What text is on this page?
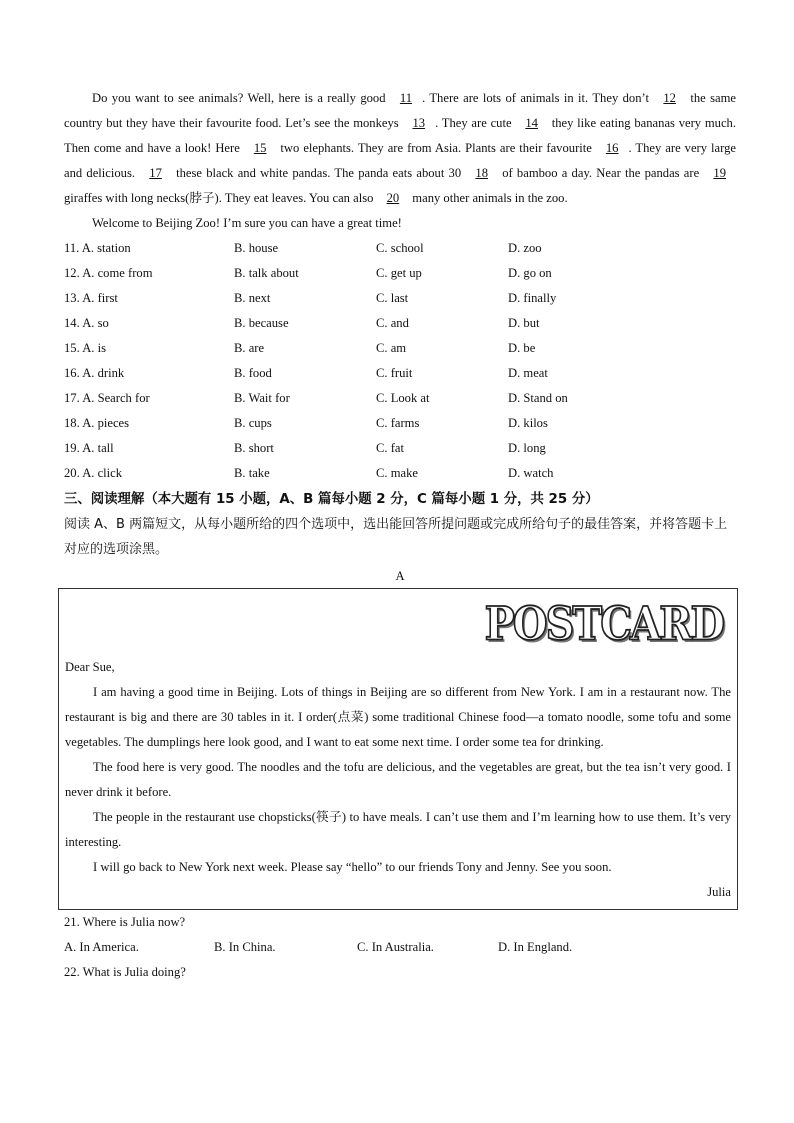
Do you want to see animals? Well, here is a really good 11 . There are lots of animals in it. They don’t 12 the same country but they have their favourite food. Let’s see the monkeys 13 . They are cute 14 they like eating bananas very much. Then come and have a look! Here 15 two elephants. They are from Asia. Plants are their favourite 16 . They are very large and delicious. 17 these black and white pandas. The panda eats about 30 18 of bamboo a day. Near the pandas are 19 giraffes with long necks(脖子). They eat leaves. You can also 20 many other animals in the zoo.

Welcome to Beijing Zoo! I’m sure you can have a great time!

11. A. station	B. house	C. school	D. zoo
12. A. come from	B. talk about	C. get up	D. go on
13. A. first	B. next	C. last	D. finally
14. A. so	B. because	C. and	D. but
15. A. is	B. are	C. am	D. be
16. A. drink	B. food	C. fruit	D. meat
17. A. Search for	B. Wait for	C. Look at	D. Stand on
18. A. pieces	B. cups	C. farms	D. kilos
19. A. tall	B. short	C. fat	D. long
20. A. click	B. take	C. make	D. watch
三、阅读理解（本大题有 15 小题，A、B 篇每小题 2 分，C 篇每小题 1 分，共 25 分）
阅读 A、B 两篇短文，从每小题所给的四个选项中，选出能回答所提问题或完成所给句子的最佳答案，并将答题卡上对应的选项涂黑。
A
POSTCARD

Dear Sue,

I am having a good time in Beijing. Lots of things in Beijing are so different from New York. I am in a restaurant now. The restaurant is big and there are 30 tables in it. I order(点菜) some traditional Chinese food—a tomato noodle, some tofu and some vegetables. The dumplings here look good, and I want to eat some next time. I order some tea for drinking.

The food here is very good. The noodles and the tofu are delicious, and the vegetables are great, but the tea isn’t very good. I never drink it before.

The people in the restaurant use chopsticks(筷子) to have meals. I can’t use them and I’m learning how to use them. It’s very interesting.

I will go back to New York next week. Please say “hello” to our friends Tony and Jenny. See you soon.

Julia
21. Where is Julia now?
A. In America.	B. In China.	C. In Australia.	D. In England.
22. What is Julia doing?
